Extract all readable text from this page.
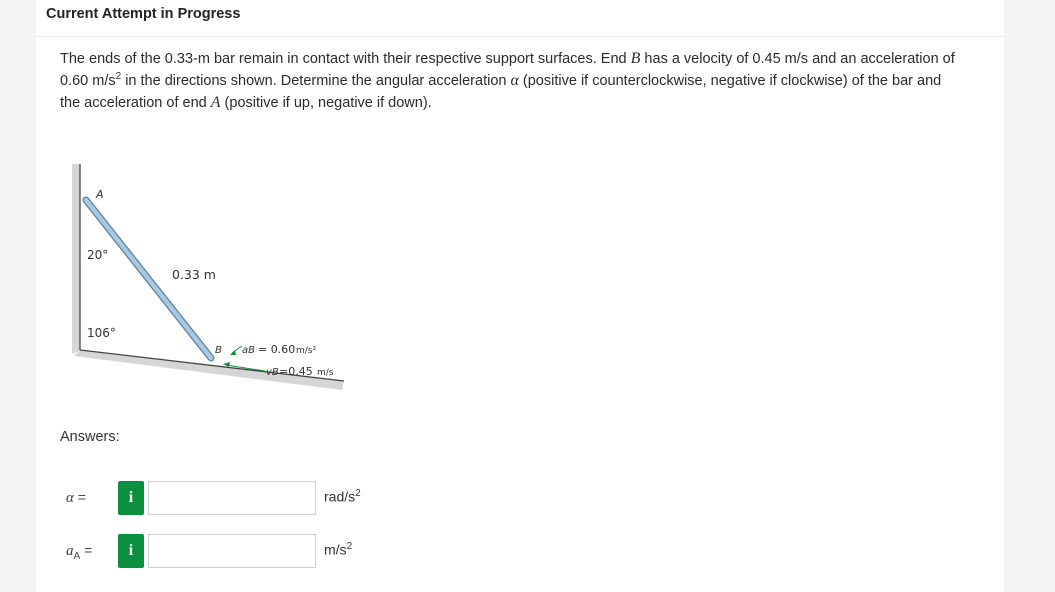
Current Attempt in Progress
The ends of the 0.33-m bar remain in contact with their respective support surfaces. End B has a velocity of 0.45 m/s and an acceleration of 0.60 $m/s^2$ in the directions shown. Determine the angular acceleration α (positive if counterclockwise, negative if clockwise) of the bar and the acceleration of end A (positive if up, negative if down).
A
B
20°
106°
0.33 m
aB = 0.60 m/s²
vB =0.45 m/s
Answers:
α =	i	rad/$s^2$
$a_A$ =	i	$m/s^2$
